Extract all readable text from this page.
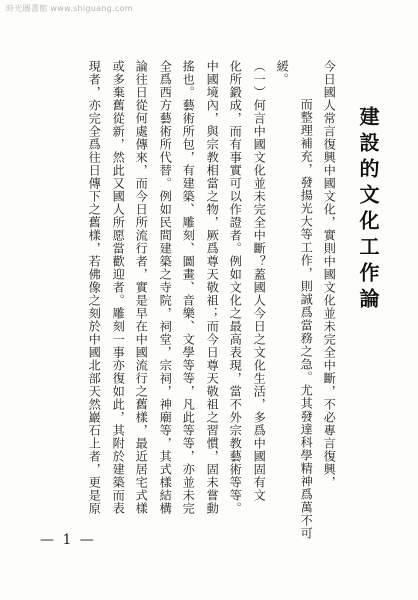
時光圖書館 www.shiguang.com
建設的文化工作論
今日國人常言復興中國文化，實則中國文化並未完全中斷，不必專言復興，
而整理補充，發揚光大等工作，則誠爲當務之急。尤其發達科學精神爲萬不可
緩。
（一）何言中國文化並未完全中斷？蓋國人今日之文化生活，多爲中國固有文
化所鍛成，而有事實可以作證者。例如文化之最高表現，當不外宗教藝術等等。
中國境內，與宗教相當之物，厥爲尊天敬祖；而今日尊天敬祖之習慣，固未嘗動
搖也。藝術所包，有建築、雕刻、圖畫、音樂、文學等等，凡此等等，亦並未完
全爲西方藝術所代替。例如民間建築之寺院，祠堂，宗祠，神廟等，其式樣結構
論往日從何處傳來，而今日所流行者，實是早在中國流行之舊樣，最近居宅式樣
或多棄舊從新，然此又國人所愿當歡迎者。雕刻一事亦復如此，其附於建築而表
現者，亦完全爲往日傳下之舊樣，若佛像之刻於中國北部天然巖石上者，更是原
— 1 —
